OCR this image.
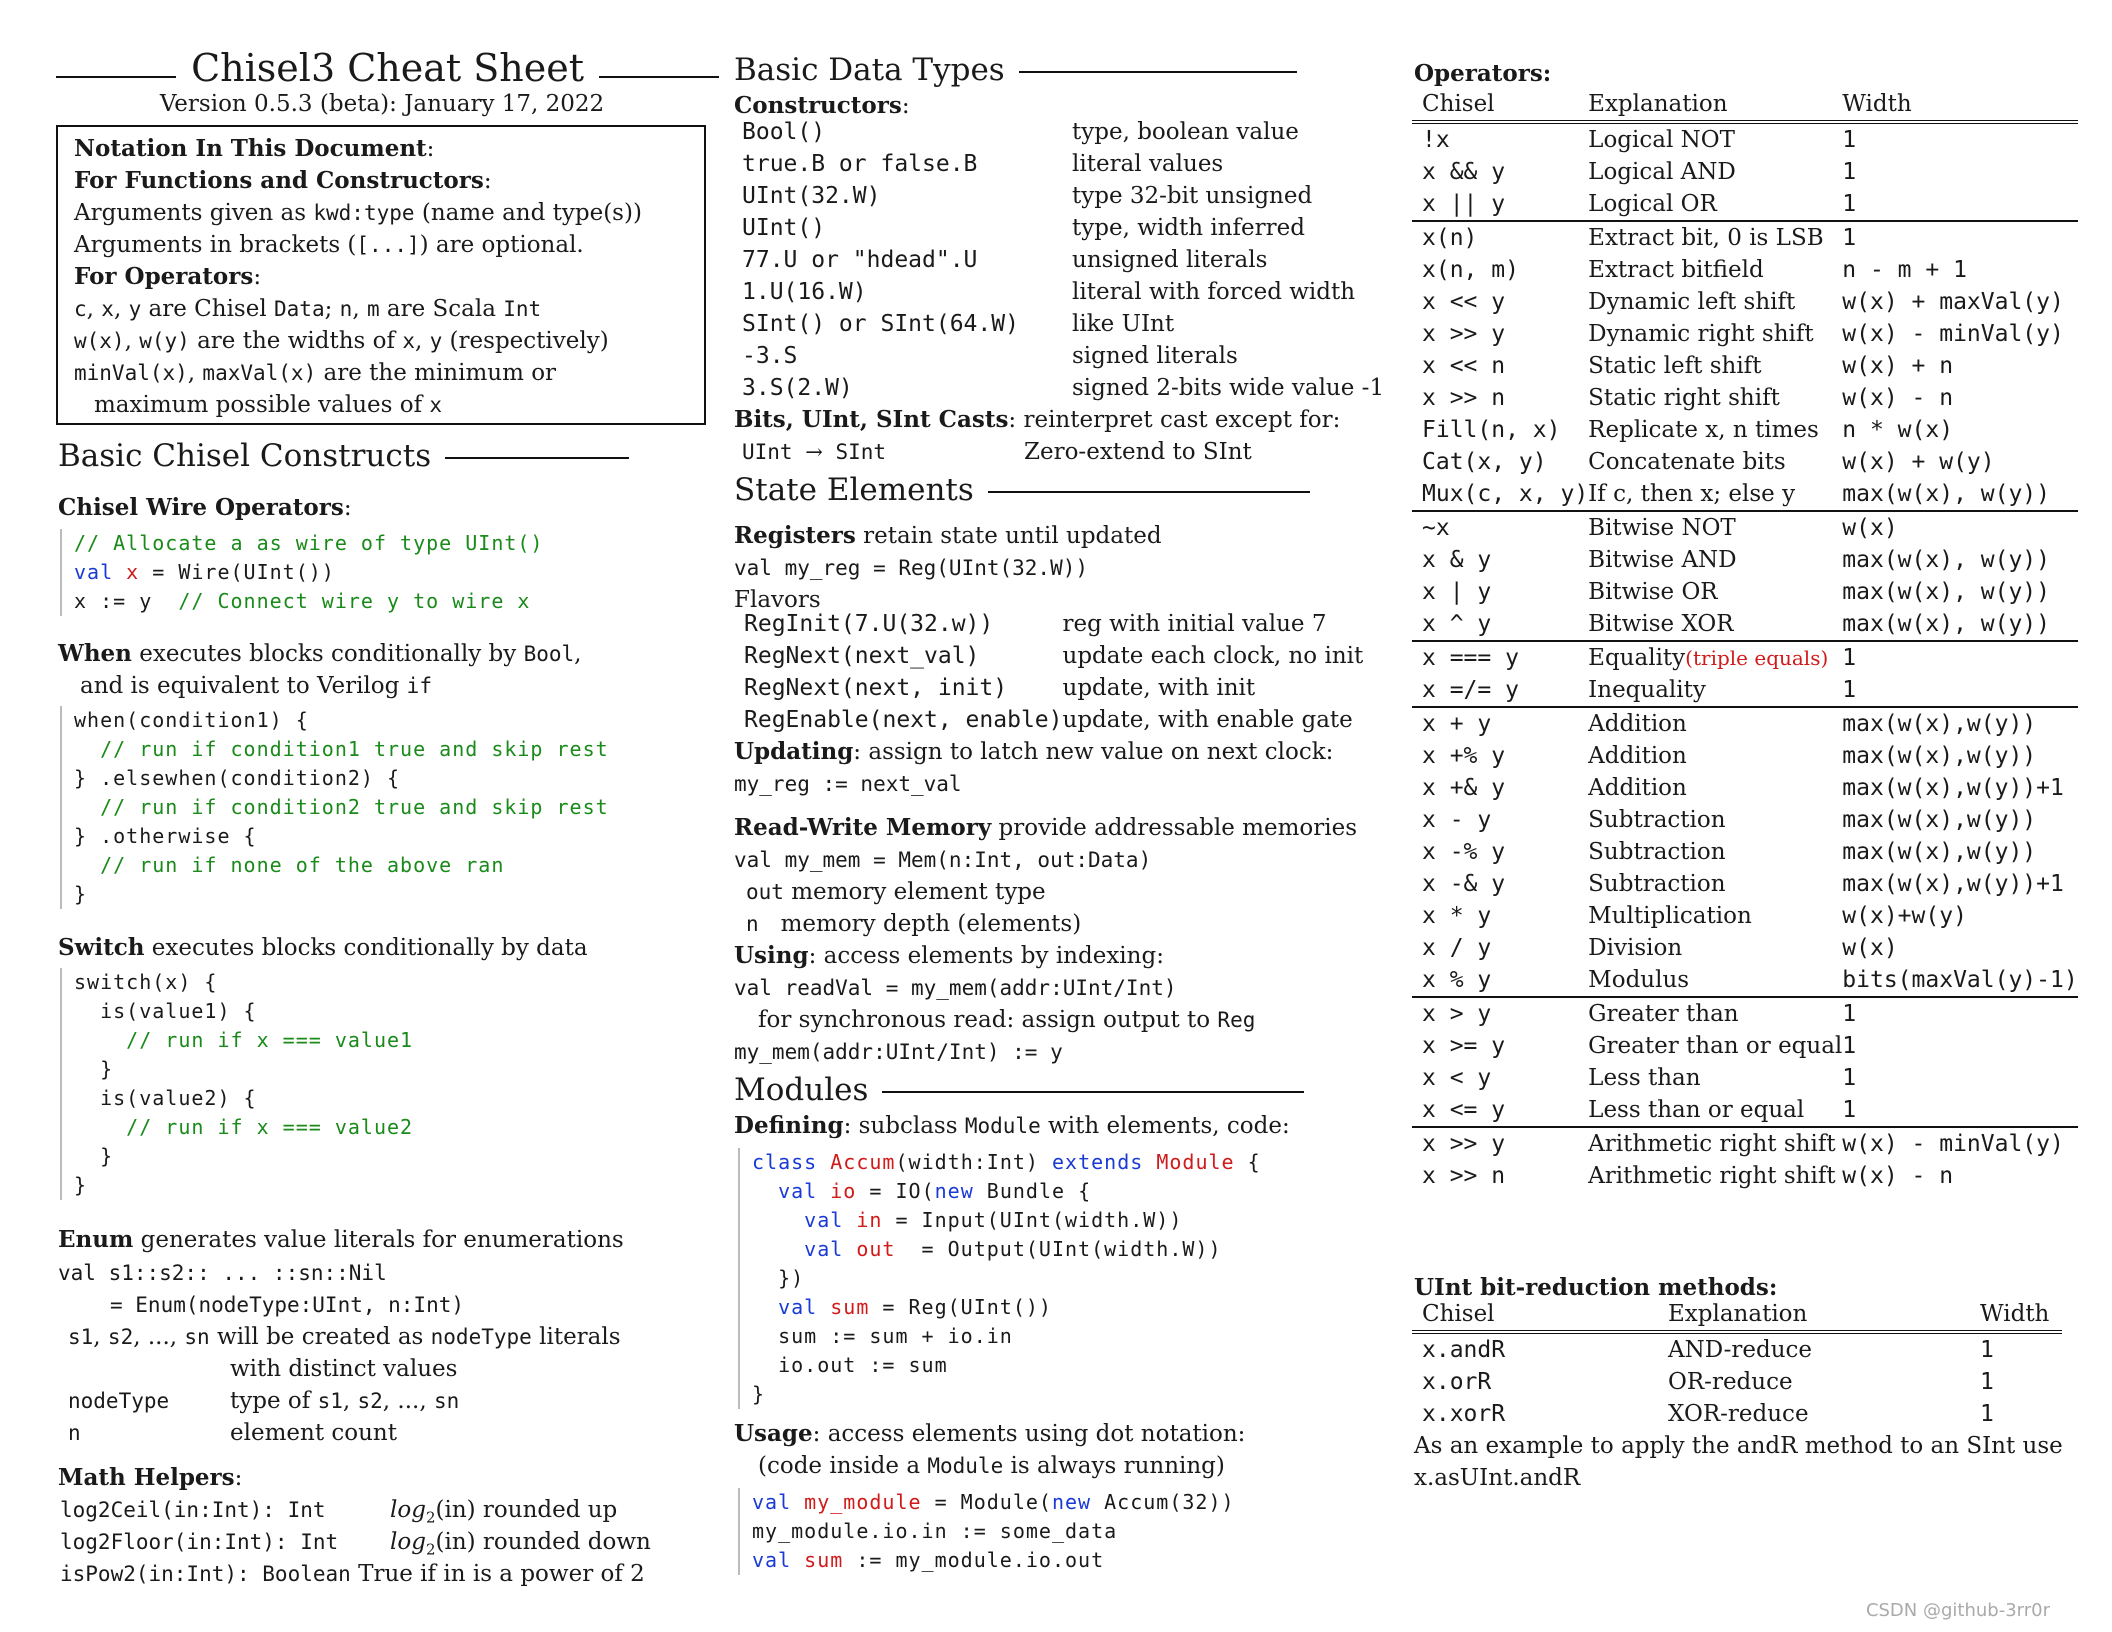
Chisel3 Cheat Sheet
Version 0.5.3 (beta): January 17, 2022
Notation In This Document:
For Functions and Constructors:
Arguments given as kwd:type (name and type(s))
Arguments in brackets ([...]) are optional.
For Operators:
c, x, y are Chisel Data; n, m are Scala Int
w(x), w(y) are the widths of x, y (respectively)
minVal(x), maxVal(x) are the minimum or
maximum possible values of x
Basic Chisel Constructs
Chisel Wire Operators:
// Allocate a as wire of type UInt()
val x = Wire(UInt())
x := y  // Connect wire y to wire x
When executes blocks conditionally by Bool,
and is equivalent to Verilog if
when(condition1) {
// run if condition1 true and skip rest
} .elsewhen(condition2) {
// run if condition2 true and skip rest
} .otherwise {
// run if none of the above ran
}
Switch executes blocks conditionally by data
switch(x) {
is(value1) {
// run if x === value1
}
is(value2) {
// run if x === value2
}
}
Enum generates value literals for enumerations
val s1::s2:: ... ::sn::Nil
= Enum(nodeType:UInt, n:Int)
s1, s2, ..., sn will be created as nodeType literals
with distinct values
nodeType	type of s1, s2, ..., sn
n	element count
Math Helpers:
log2Ceil(in:Int): Int	$\log_2(in)$ rounded up
log2Floor(in:Int): Int $\log_2(in)$ rounded down
isPow2(in:Int): Boolean True if in is a power of 2
Basic Data Types
Constructors:
Bool()	type, boolean value
true.B or false.B	literal values
UInt(32.W)	type 32-bit unsigned
UInt()	type, width inferred
77.U or "hdead".U	unsigned literals
1.U(16.W)	literal with forced width
SInt() or SInt(64.W)	like UInt
-3.S	signed literals
3.S(2.W)	signed 2-bits wide value -1
Bits, UInt, SInt Casts: reinterpret cast except for:
UInt → SInt	Zero-extend to SInt
State Elements
Registers retain state until updated
val my_reg = Reg(UInt(32.W))
Flavors
RegInit(7.U(32.w))	reg with initial value 7
RegNext(next_val)	update each clock, no init
RegNext(next, init)	update, with init
RegEnable(next, enable)	update, with enable gate
Updating: assign to latch new value on next clock:
my_reg := next_val
Read-Write Memory provide addressable memories
val my_mem = Mem(n:Int, out:Data)
out memory element type
n   memory depth (elements)
Using: access elements by indexing:
val readVal = my_mem(addr:UInt/Int)
for synchronous read: assign output to Reg
my_mem(addr:UInt/Int) := y
Modules
Defining: subclass Module with elements, code:
class Accum(width:Int) extends Module {
val io = IO(new Bundle {
val in = Input(UInt(width.W))
val out  = Output(UInt(width.W))
})
val sum = Reg(UInt())
sum := sum + io.in
io.out := sum
}
Usage: access elements using dot notation:
(code inside a Module is always running)
val my_module = Module(new Accum(32))
my_module.io.in := some_data
val sum := my_module.io.out
Operators:
Chisel	Explanation	Width
!x	Logical NOT	1
x && y	Logical AND	1
x || y	Logical OR	1
x(n)	Extract bit, 0 is LSB	1
x(n, m)	Extract bitfield	n - m + 1
x << y	Dynamic left shift	w(x) + maxVal(y)
x >> y	Dynamic right shift	w(x) - minVal(y)
x << n	Static left shift	w(x) + n
x >> n	Static right shift	w(x) - n
Fill(n, x)	Replicate x, n times	n * w(x)
Cat(x, y)	Concatenate bits	w(x) + w(y)
Mux(c, x, y)	If c, then x; else y	max(w(x), w(y))
~x	Bitwise NOT	w(x)
x & y	Bitwise AND	max(w(x), w(y))
x | y	Bitwise OR	max(w(x), w(y))
x ^ y	Bitwise XOR	max(w(x), w(y))
x === y	Equality(triple equals)	1
x =/= y	Inequality	1
x + y	Addition	max(w(x),w(y))
x +% y	Addition	max(w(x),w(y))
x +& y	Addition	max(w(x),w(y))+1
x - y	Subtraction	max(w(x),w(y))
x -% y	Subtraction	max(w(x),w(y))
x -& y	Subtraction	max(w(x),w(y))+1
x * y	Multiplication	w(x)+w(y)
x / y	Division	w(x)
x % y	Modulus	bits(maxVal(y)-1)
x > y	Greater than	1
x >= y	Greater than or equal	1
x < y	Less than	1
x <= y	Less than or equal	1
x >> y	Arithmetic right shift	w(x) - minVal(y)
x >> n	Arithmetic right shift	w(x) - n
UInt bit-reduction methods:
Chisel	Explanation	Width
x.andR	AND-reduce	1
x.orR	OR-reduce	1
x.xorR	XOR-reduce	1
As an example to apply the andR method to an SInt use
x.asUInt.andR
CSDN @github-3rr0r
